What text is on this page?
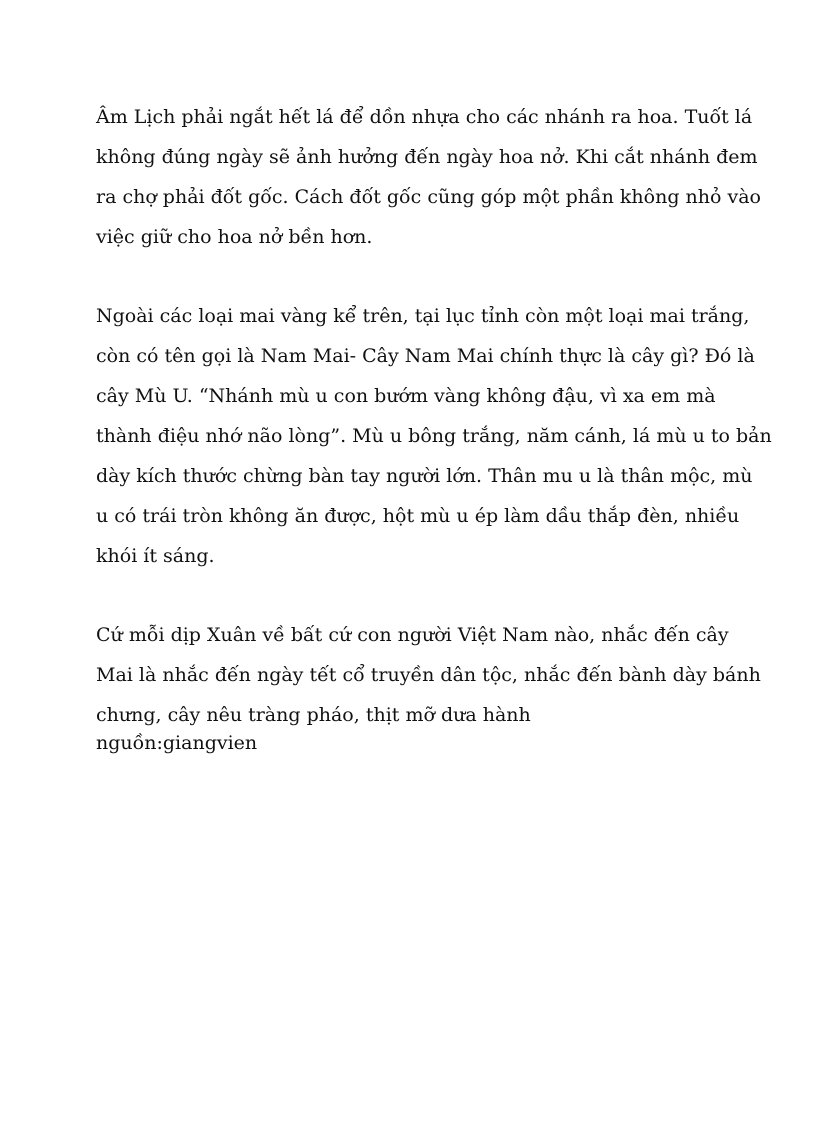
Âm Lịch phải ngắt hết lá để dồn nhựa cho các nhánh ra hoa. Tuốt lá
không đúng ngày sẽ ảnh hưởng đến ngày hoa nở. Khi cắt nhánh đem
ra chợ phải đốt gốc. Cách đốt gốc cũng góp một phần không nhỏ vào
việc giữ cho hoa nở bền hơn.

Ngoài các loại mai vàng kể trên, tại lục tỉnh còn một loại mai trắng,
còn có tên gọi là Nam Mai- Cây Nam Mai chính thực là cây gì? Đó là
cây Mù U. “Nhánh mù u con bướm vàng không đậu, vì xa em mà
thành điệu nhớ não lòng”. Mù u bông trắng, năm cánh, lá mù u to bản
dày kích thước chừng bàn tay người lớn. Thân mu u là thân mộc, mù
u có trái tròn không ăn được, hột mù u ép làm dầu thắp đèn, nhiều
khói ít sáng.

Cứ mỗi dịp Xuân về bất cứ con người Việt Nam nào, nhắc đến cây
Mai là nhắc đến ngày tết cổ truyền dân tộc, nhắc đến bành dày bánh
chưng, cây nêu tràng pháo, thịt mỡ dưa hành

nguồn:giangvien
